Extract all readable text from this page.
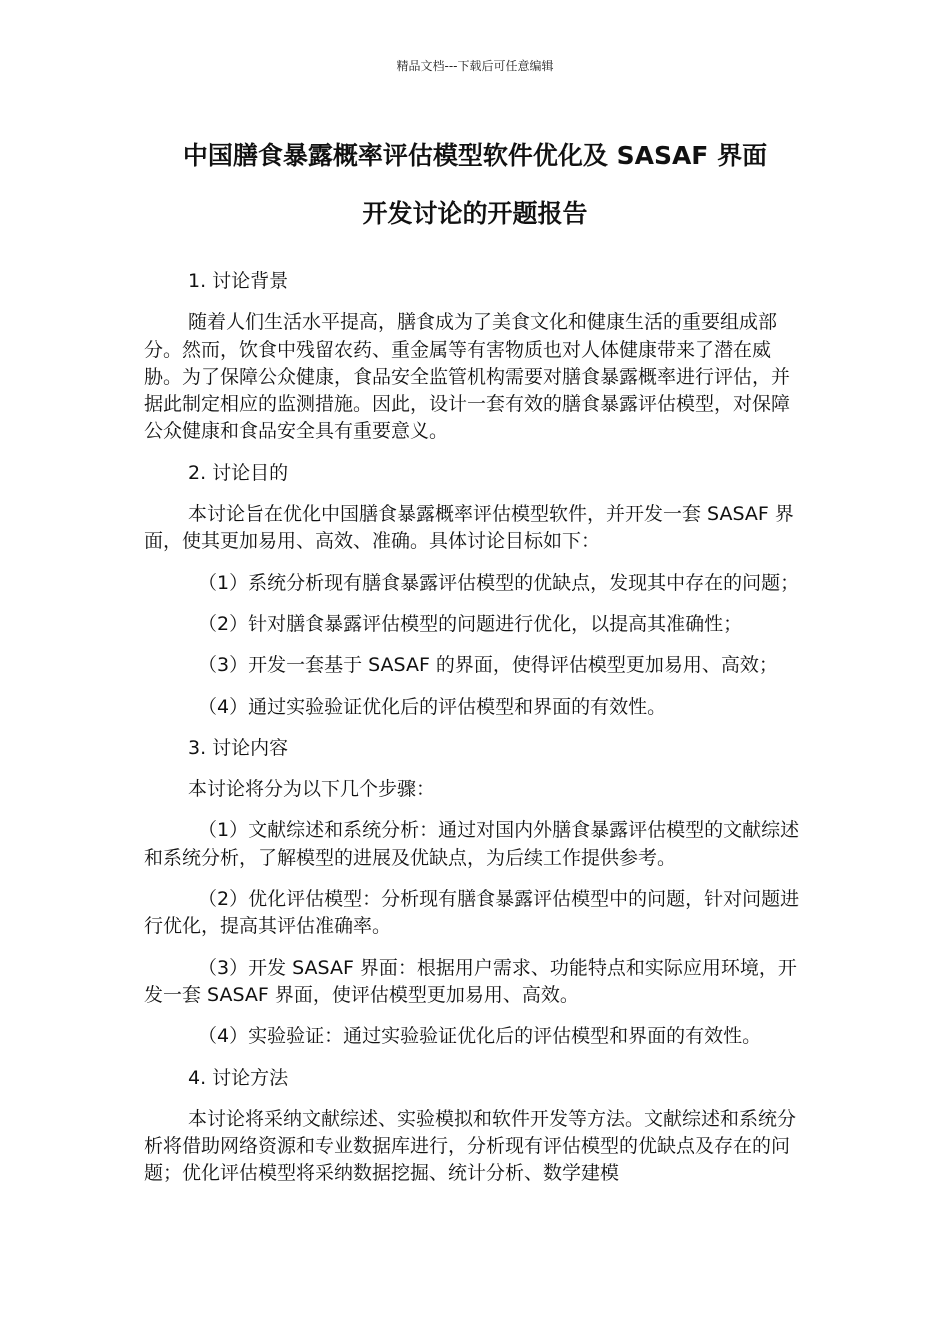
精品文档---下载后可任意编辑
中国膳食暴露概率评估模型软件优化及 SASAF 界面
开发讨论的开题报告

1. 讨论背景

随着人们生活水平提高，膳食成为了美食文化和健康生活的重要组成部分。然而，饮食中残留农药、重金属等有害物质也对人体健康带来了潜在威胁。为了保障公众健康，食品安全监管机构需要对膳食暴露概率进行评估，并据此制定相应的监测措施。因此，设计一套有效的膳食暴露评估模型，对保障公众健康和食品安全具有重要意义。

2. 讨论目的

本讨论旨在优化中国膳食暴露概率评估模型软件，并开发一套 SASAF 界面，使其更加易用、高效、准确。具体讨论目标如下：

（1）系统分析现有膳食暴露评估模型的优缺点，发现其中存在的问题；

（2）针对膳食暴露评估模型的问题进行优化，以提高其准确性；

（3）开发一套基于 SASAF 的界面，使得评估模型更加易用、高效；

（4）通过实验验证优化后的评估模型和界面的有效性。

3. 讨论内容

本讨论将分为以下几个步骤：

（1）文献综述和系统分析：通过对国内外膳食暴露评估模型的文献综述和系统分析，了解模型的进展及优缺点，为后续工作提供参考。

（2）优化评估模型：分析现有膳食暴露评估模型中的问题，针对问题进行优化，提高其评估准确率。

（3）开发 SASAF 界面：根据用户需求、功能特点和实际应用环境，开发一套 SASAF 界面，使评估模型更加易用、高效。

（4）实验验证：通过实验验证优化后的评估模型和界面的有效性。

4. 讨论方法

本讨论将采纳文献综述、实验模拟和软件开发等方法。文献综述和系统分析将借助网络资源和专业数据库进行，分析现有评估模型的优缺点及存在的问题；优化评估模型将采纳数据挖掘、统计分析、数学建模
